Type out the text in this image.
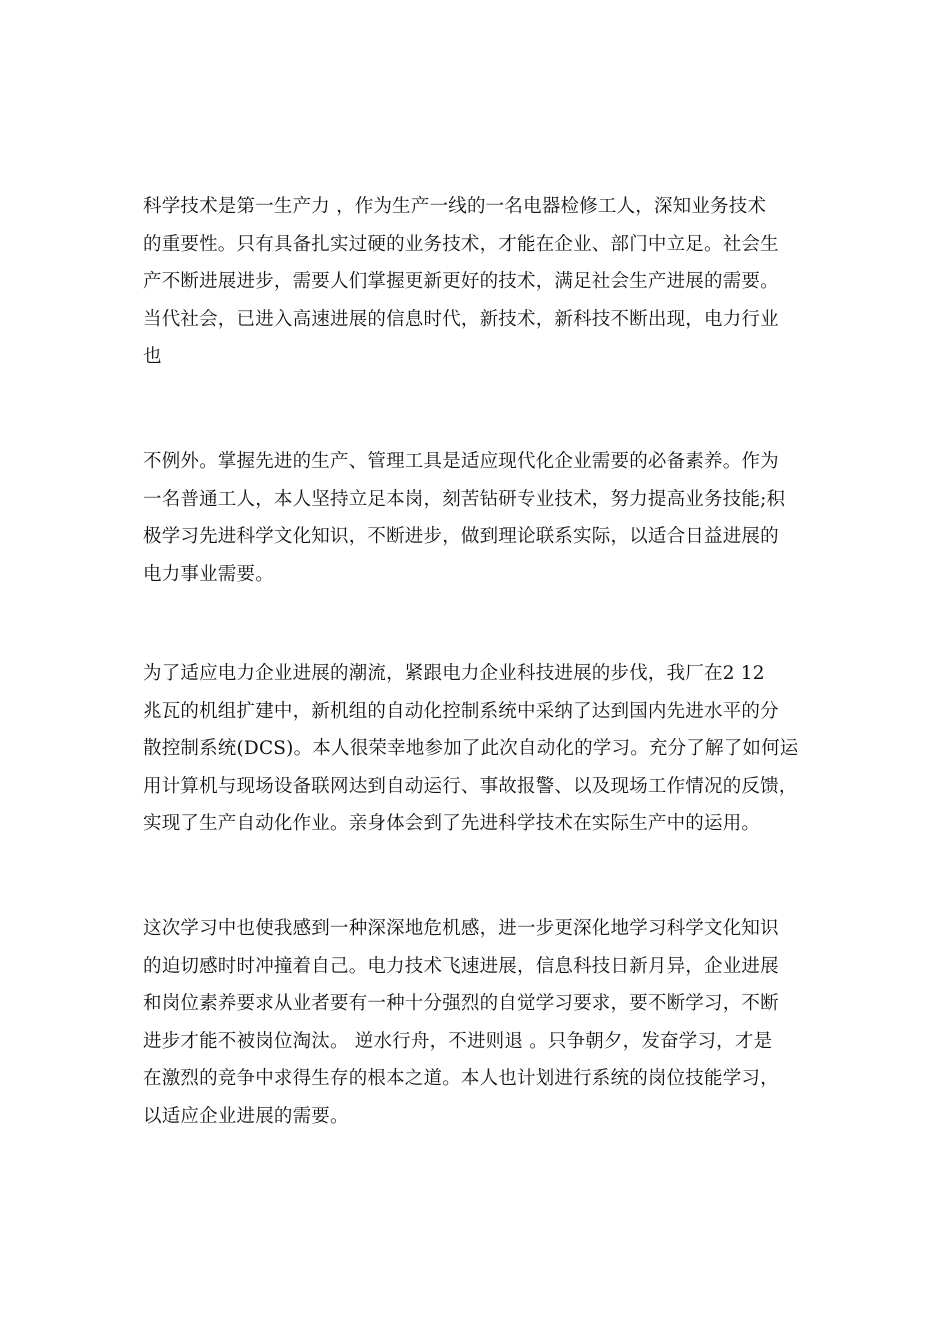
科学技术是第一生产力 ，作为生产一线的一名电器检修工人，深知业务技术
的重要性。只有具备扎实过硬的业务技术，才能在企业、部门中立足。社会生
产不断进展进步，需要人们掌握更新更好的技术，满足社会生产进展的需要。
当代社会，已进入高速进展的信息时代，新技术，新科技不断出现，电力行业
也

不例外。掌握先进的生产、管理工具是适应现代化企业需要的必备素养。作为
一名普通工人，本人坚持立足本岗，刻苦钻研专业技术，努力提高业务技能;积
极学习先进科学文化知识，不断进步，做到理论联系实际，以适合日益进展的
电力事业需要。

为了适应电力企业进展的潮流，紧跟电力企业科技进展的步伐，我厂在2 12
兆瓦的机组扩建中，新机组的自动化控制系统中采纳了达到国内先进水平的分
散控制系统(DCS)。本人很荣幸地参加了此次自动化的学习。充分了解了如何运
用计算机与现场设备联网达到自动运行、事故报警、以及现场工作情况的反馈，
实现了生产自动化作业。亲身体会到了先进科学技术在实际生产中的运用。

这次学习中也使我感到一种深深地危机感，进一步更深化地学习科学文化知识
的迫切感时时冲撞着自己。电力技术飞速进展，信息科技日新月异，企业进展
和岗位素养要求从业者要有一种十分强烈的自觉学习要求，要不断学习，不断
进步才能不被岗位淘汰。 逆水行舟，不进则退 。只争朝夕，发奋学习，才是
在激烈的竞争中求得生存的根本之道。本人也计划进行系统的岗位技能学习，
以适应企业进展的需要。
